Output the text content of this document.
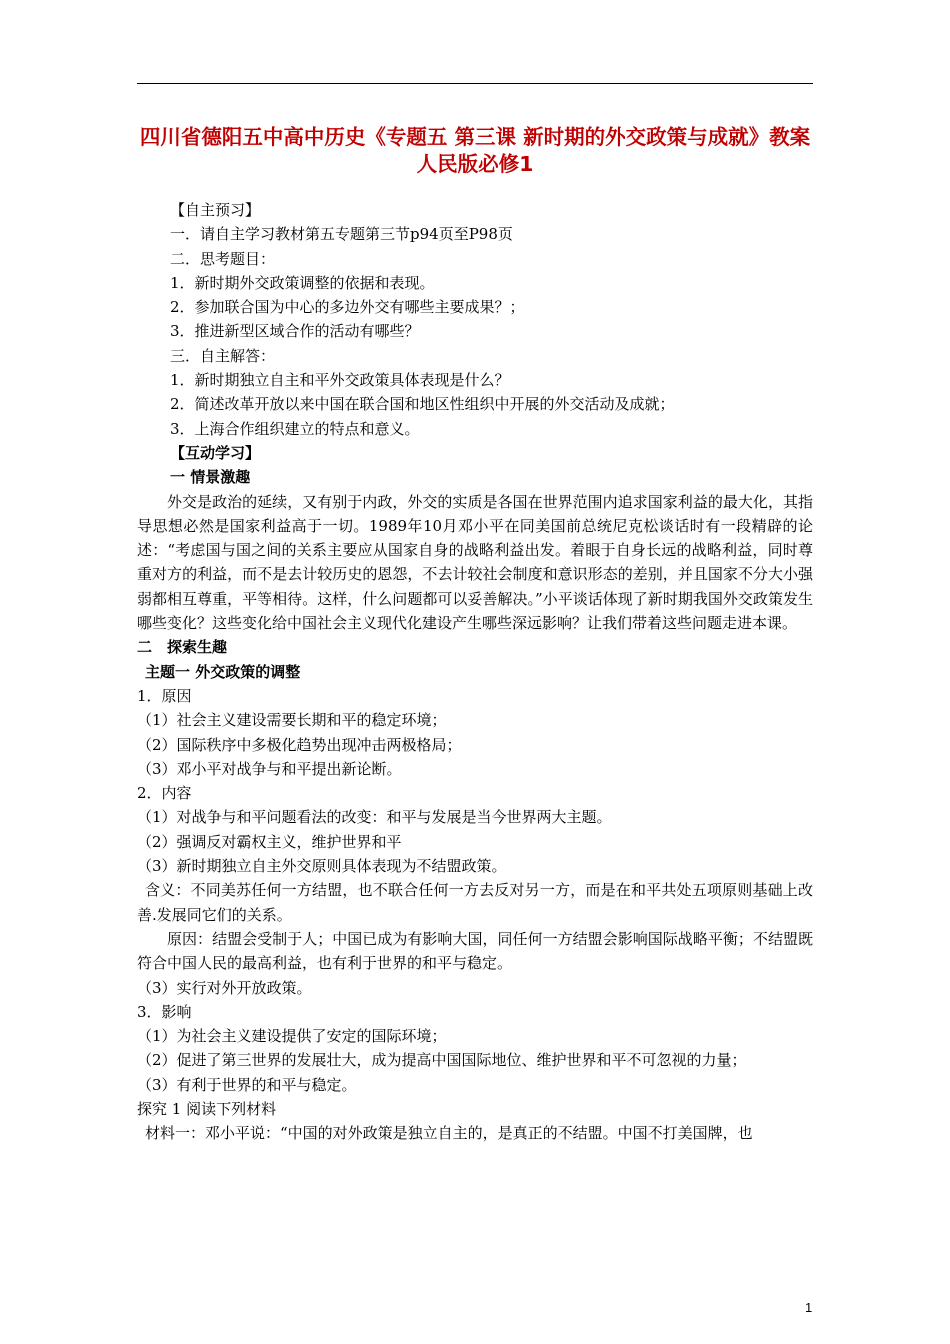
四川省德阳五中高中历史《专题五 第三课 新时期的外交政策与成就》教案 人民版必修1
【自主预习】
一．请自主学习教材第五专题第三节p94页至P98页
二．思考题目：
1．新时期外交政策调整的依据和表现。
2．参加联合国为中心的多边外交有哪些主要成果？；
3．推进新型区域合作的活动有哪些？
三．自主解答：
1．新时期独立自主和平外交政策具体表现是什么？
2．简述改革开放以来中国在联合国和地区性组织中开展的外交活动及成就；
3．上海合作组织建立的特点和意义。
【互动学习】
一 情景激趣
外交是政治的延续，又有别于内政，外交的实质是各国在世界范围内追求国家利益的最大化，其指导思想必然是国家利益高于一切。1989年10月邓小平在同美国前总统尼克松谈话时有一段精辟的论述：“考虑国与国之间的关系主要应从国家自身的战略利益出发。着眼于自身长远的战略利益，同时尊重对方的利益，而不是去计较历史的恩怨，不去计较社会制度和意识形态的差别，并且国家不分大小强弱都相互尊重，平等相待。这样，什么问题都可以妥善解决。”小平谈话体现了新时期我国外交政策发生哪些变化？这些变化给中国社会主义现代化建设产生哪些深远影响？让我们带着这些问题走进本课。
二　探索生趣
主题一 外交政策的调整
1．原因
（1）社会主义建设需要长期和平的稳定环境；
（2）国际秩序中多极化趋势出现冲击两极格局；
（3）邓小平对战争与和平提出新论断。
2．内容
（1）对战争与和平问题看法的改变：和平与发展是当今世界两大主题。
（2）强调反对霸权主义，维护世界和平
（3）新时期独立自主外交原则具体表现为不结盟政策。
含义：不同美苏任何一方结盟，也不联合任何一方去反对另一方，而是在和平共处五项原则基础上改善.发展同它们的关系。
原因：结盟会受制于人；中国已成为有影响大国，同任何一方结盟会影响国际战略平衡；不结盟既符合中国人民的最高利益，也有利于世界的和平与稳定。
（3）实行对外开放政策。
3．影响
（1）为社会主义建设提供了安定的国际环境；
（2）促进了第三世界的发展壮大，成为提高中国国际地位、维护世界和平不可忽视的力量；
（3）有利于世界的和平与稳定。
探究 1 阅读下列材料
材料一：邓小平说：“中国的对外政策是独立自主的，是真正的不结盟。中国不打美国牌，也
1
